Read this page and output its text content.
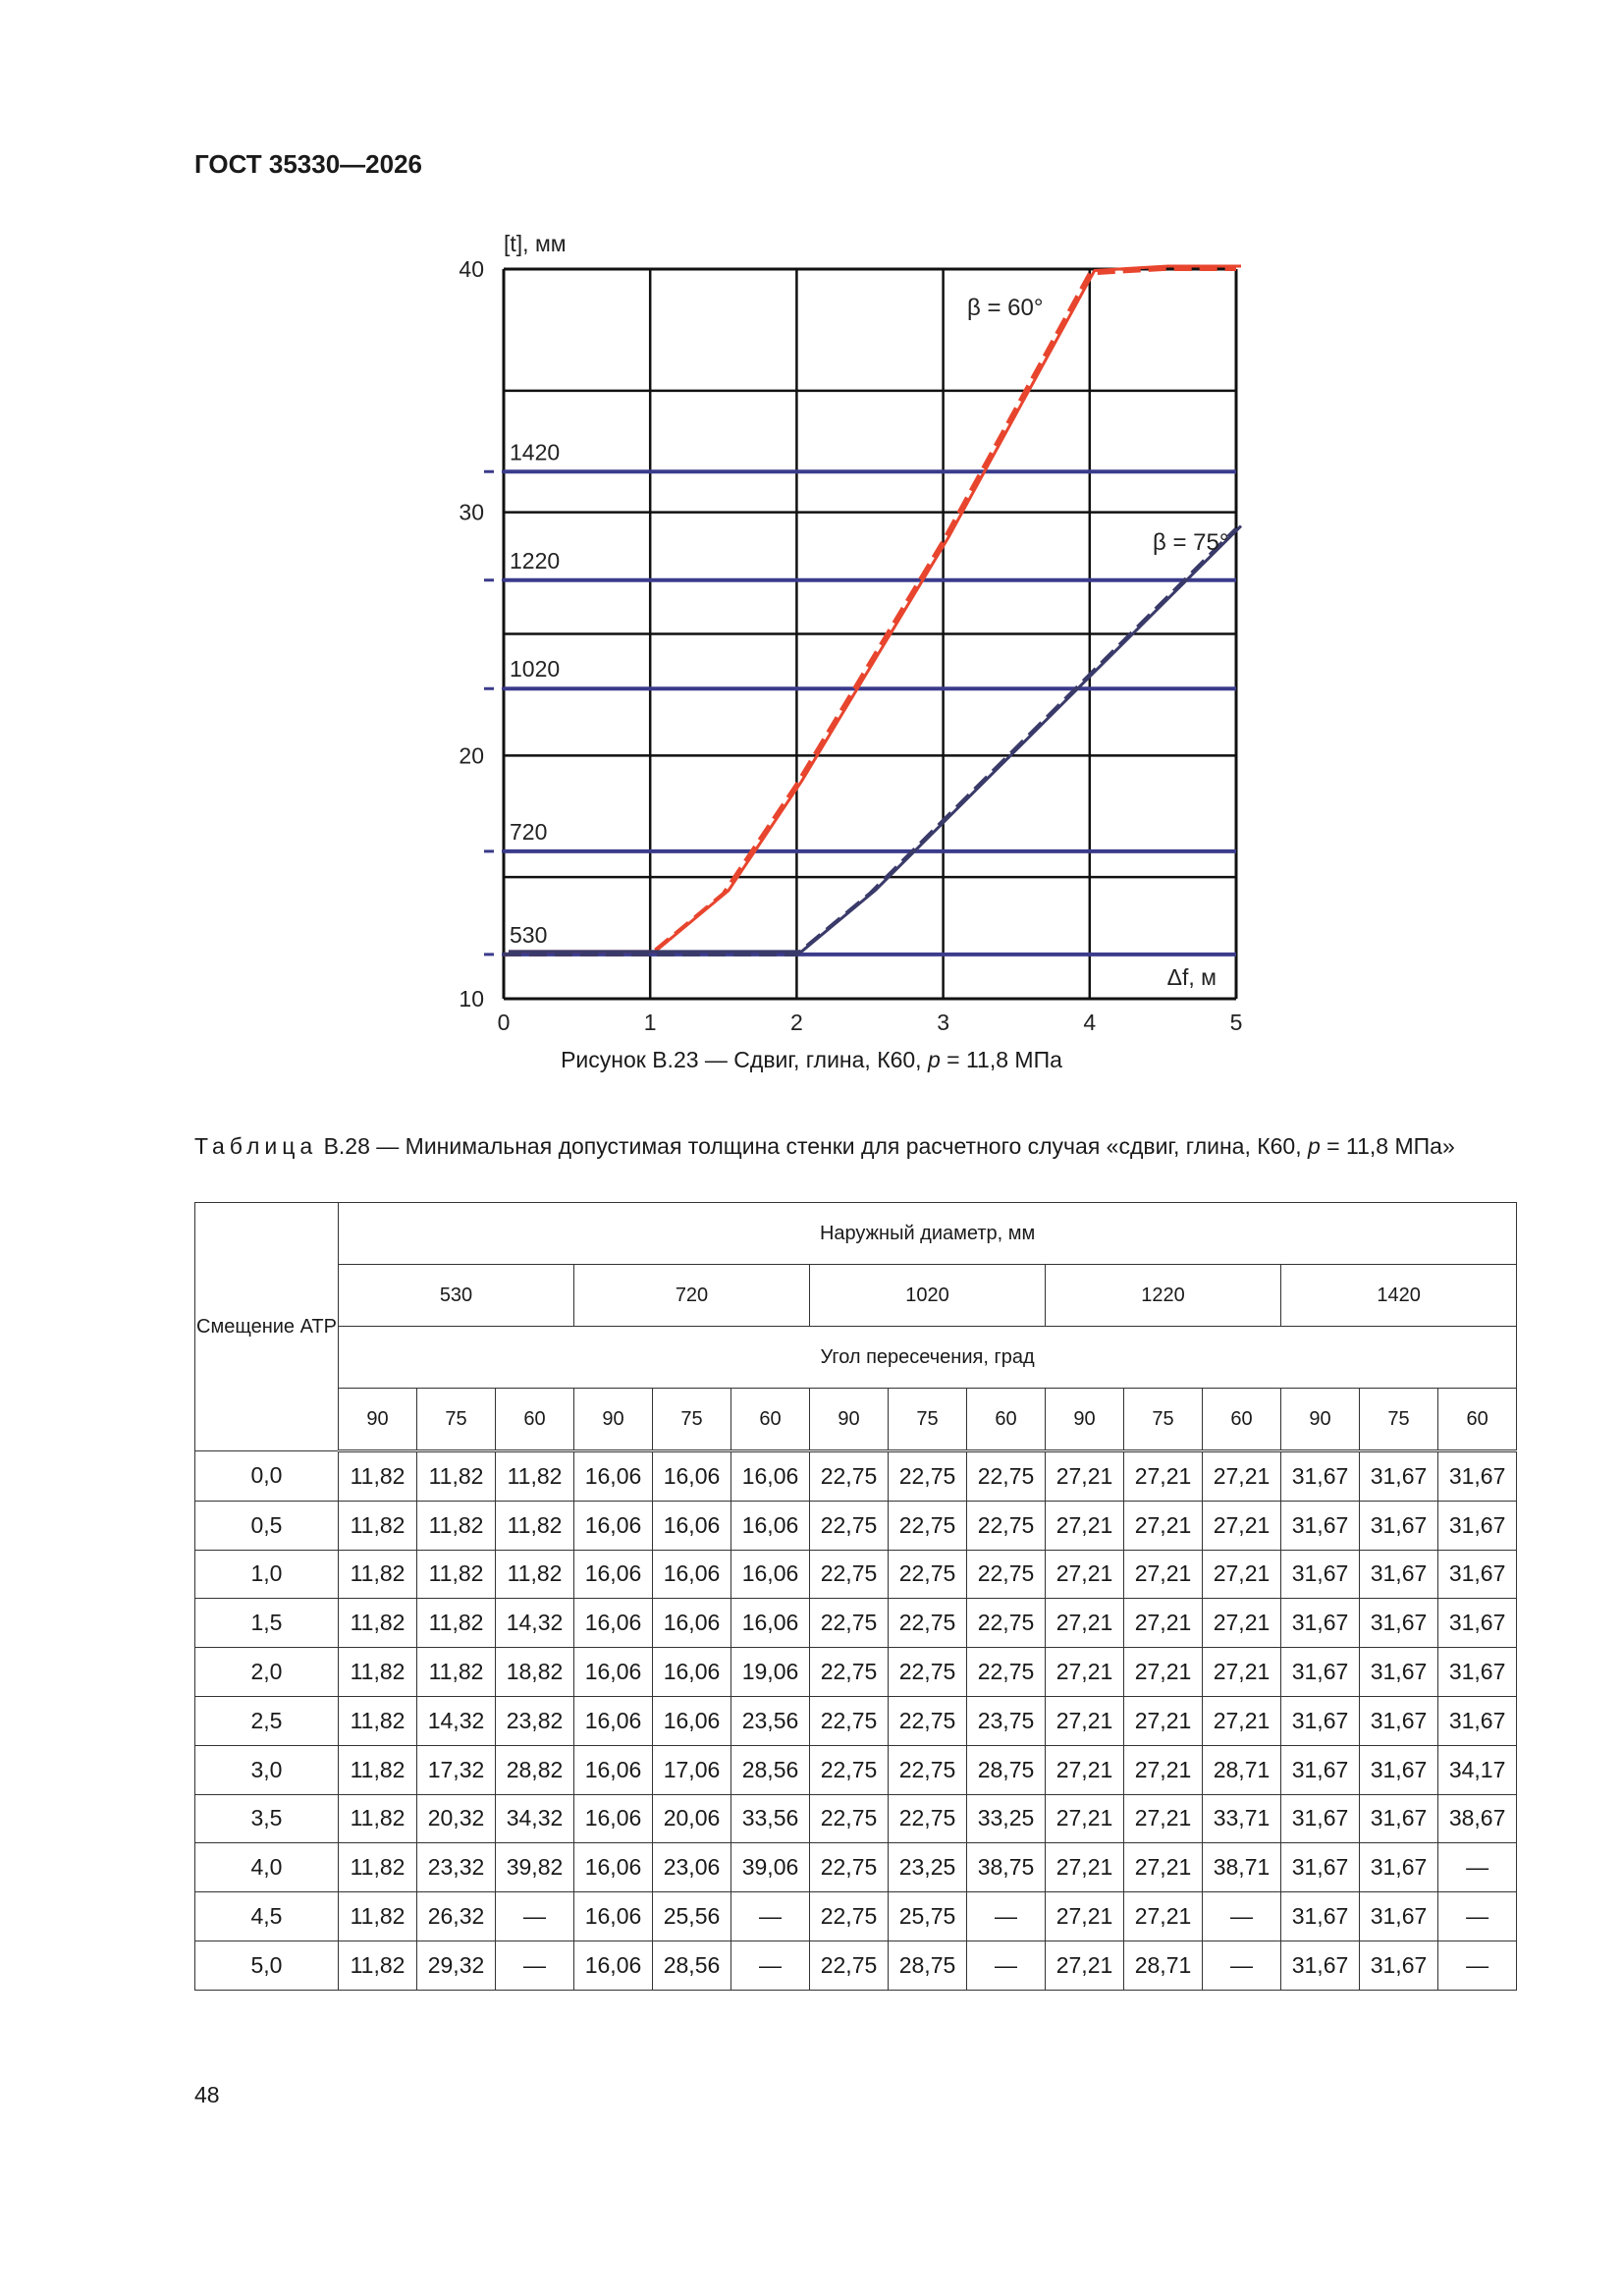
ГОСТ 35330—2026
530
720
1020
1220
1420
0	1	2	3	4	5
10
20
30
40
[t], мм
Δf, м
β = 60°
β = 75°
Рисунок В.23 — Сдвиг, глина, К60, p = 11,8 МПа
Таблица В.28 — Минимальная допустимая толщина стенки для расчетного случая «сдвиг, глина, К60, p = 11,8 МПа»
Смещение АТР	Наружный диаметр, мм														
	530			720			1020			1220			1420		
	Угол пересечения, град														
	90	75	60	90	75	60	90	75	60	90	75	60	90	75	60
0,0	11,82	11,82	11,82	16,06	16,06	16,06	22,75	22,75	22,75	27,21	27,21	27,21	31,67	31,67	31,67
0,5	11,82	11,82	11,82	16,06	16,06	16,06	22,75	22,75	22,75	27,21	27,21	27,21	31,67	31,67	31,67
1,0	11,82	11,82	11,82	16,06	16,06	16,06	22,75	22,75	22,75	27,21	27,21	27,21	31,67	31,67	31,67
1,5	11,82	11,82	14,32	16,06	16,06	16,06	22,75	22,75	22,75	27,21	27,21	27,21	31,67	31,67	31,67
2,0	11,82	11,82	18,82	16,06	16,06	19,06	22,75	22,75	22,75	27,21	27,21	27,21	31,67	31,67	31,67
2,5	11,82	14,32	23,82	16,06	16,06	23,56	22,75	22,75	23,75	27,21	27,21	27,21	31,67	31,67	31,67
3,0	11,82	17,32	28,82	16,06	17,06	28,56	22,75	22,75	28,75	27,21	27,21	28,71	31,67	31,67	34,17
3,5	11,82	20,32	34,32	16,06	20,06	33,56	22,75	22,75	33,25	27,21	27,21	33,71	31,67	31,67	38,67
4,0	11,82	23,32	39,82	16,06	23,06	39,06	22,75	23,25	38,75	27,21	27,21	38,71	31,67	31,67	—
4,5	11,82	26,32	—	16,06	25,56	—	22,75	25,75	—	27,21	27,21	—	31,67	31,67	—
5,0	11,82	29,32	—	16,06	28,56	—	22,75	28,75	—	27,21	28,71	—	31,67	31,67	—
48
